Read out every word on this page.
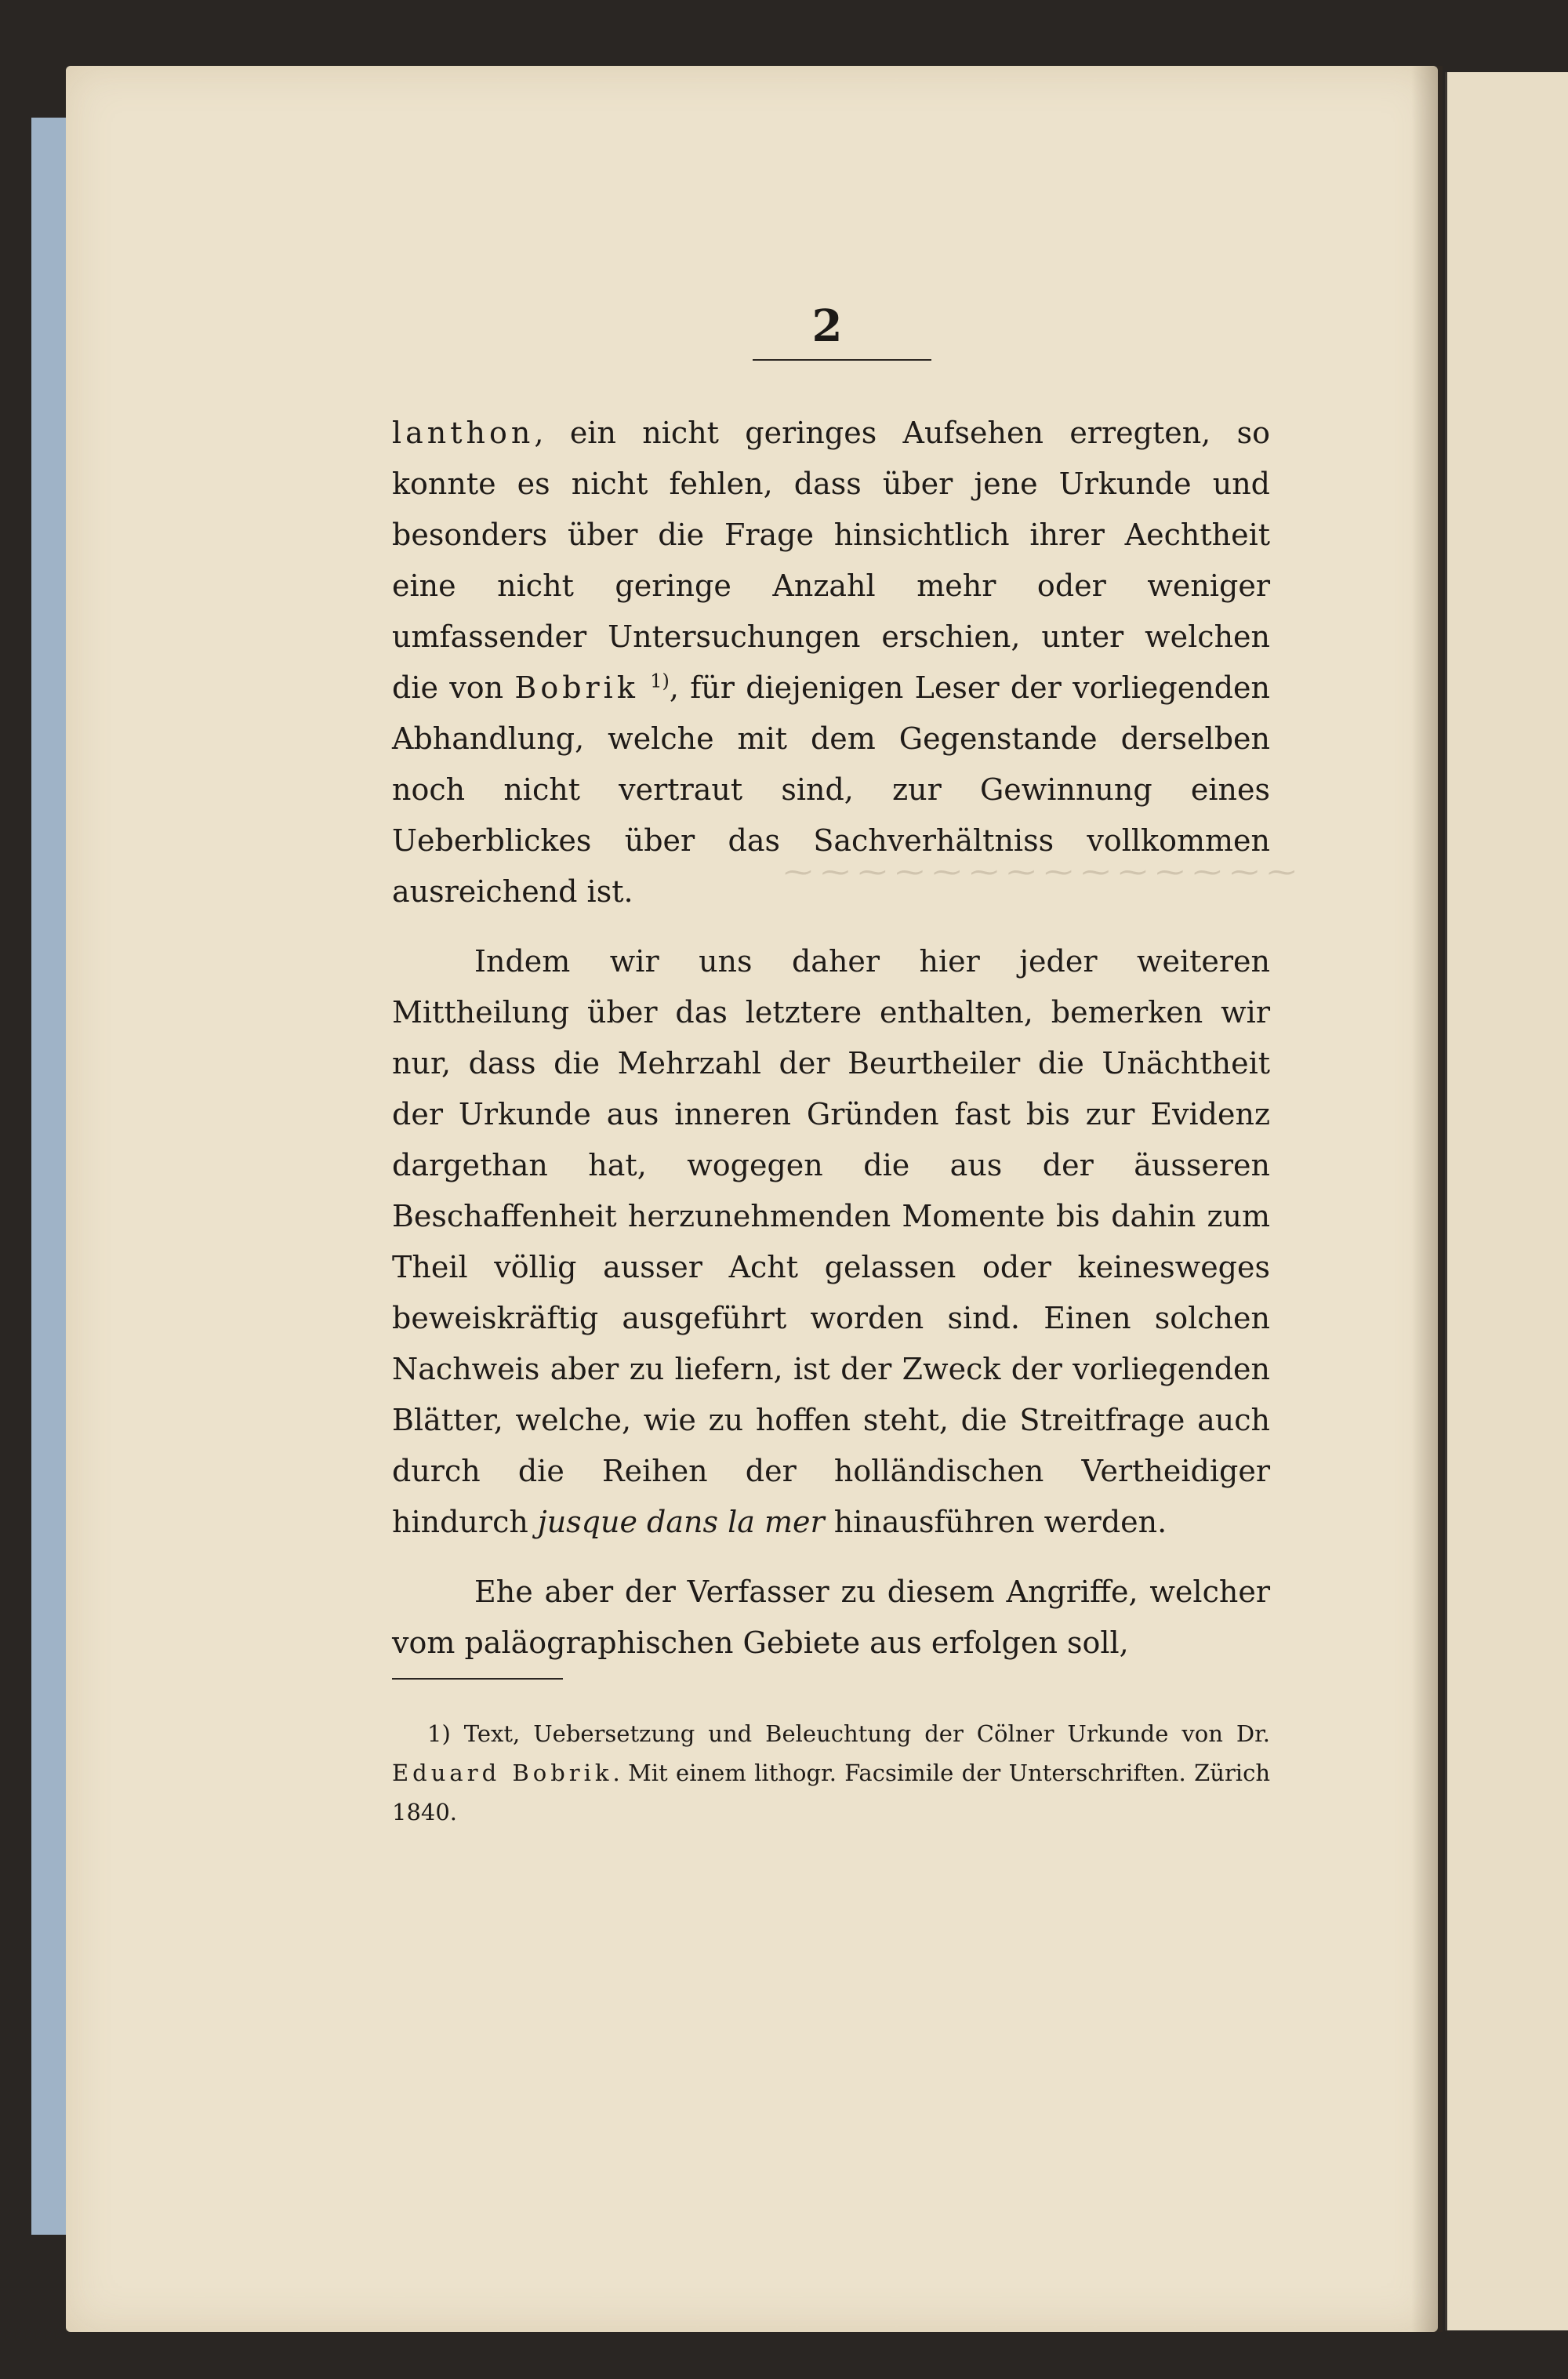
⁓ ⁓ ⁓ ⁓ ⁓ ⁓ ⁓ ⁓ ⁓ ⁓ ⁓ ⁓ ⁓ ⁓
2

lanthon, ein nicht geringes Aufsehen erregten, so konnte es nicht fehlen, dass über jene Urkunde und besonders über die Frage hinsichtlich ihrer Aechtheit eine nicht geringe Anzahl mehr oder weniger umfassender Untersuchungen erschien, unter welchen die von Bobrik $^{1)}$, für diejenigen Leser der vorliegenden Abhandlung, welche mit dem Gegenstande derselben noch nicht vertraut sind, zur Gewinnung eines Ueberblickes über das Sachverhältniss vollkommen ausreichend ist.

Indem wir uns daher hier jeder weiteren Mittheilung über das letztere enthalten, bemerken wir nur, dass die Mehrzahl der Beurtheiler die Unächtheit der Urkunde aus inneren Gründen fast bis zur Evidenz dargethan hat, wogegen die aus der äusseren Beschaffenheit herzunehmenden Momente bis dahin zum Theil völlig ausser Acht gelassen oder keinesweges beweiskräftig ausgeführt worden sind. Einen solchen Nachweis aber zu liefern, ist der Zweck der vorliegenden Blätter, welche, wie zu hoffen steht, die Streitfrage auch durch die Reihen der holländischen Vertheidiger hindurch jusque dans la mer hinausführen werden.

Ehe aber der Verfasser zu diesem Angriffe, welcher vom paläographischen Gebiete aus erfolgen soll,

1) Text, Uebersetzung und Beleuchtung der Cölner Urkunde von Dr. Eduard Bobrik. Mit einem lithogr. Facsimile der Unterschriften. Zürich 1840.
